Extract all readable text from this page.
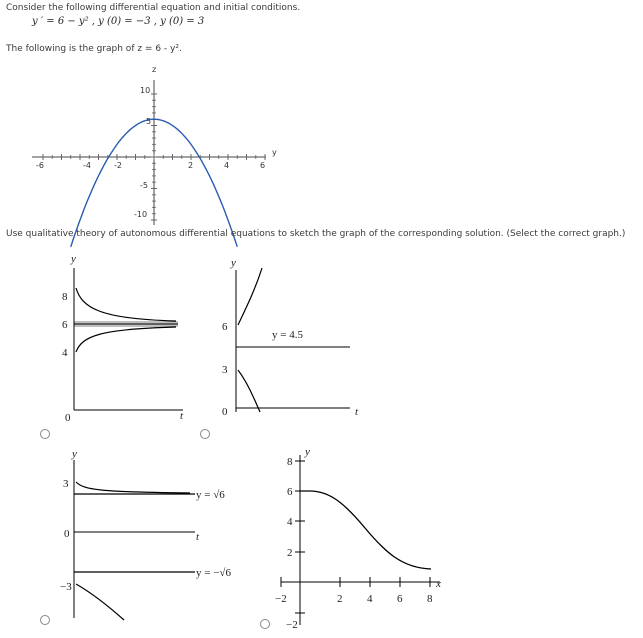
Consider the following differential equation and initial conditions.
y ′ = 6 − y² , y (0) = −3 , y (0) = 3
The following is the graph of z = 6 - y².
z
y
-6	-4	-2	2	4	6
10
5
-5
-10
Use qualitative theory of autonomous differential equations to sketch the graph of the corresponding solution. (Select the correct graph.)
y
t
8
6
4
0
y
t
6
3
0
y = 4.5
y
t
3
0
−3
y = √6
y = −√6
y
x
8
6
4
2
−2
−2	2 4 6 8
